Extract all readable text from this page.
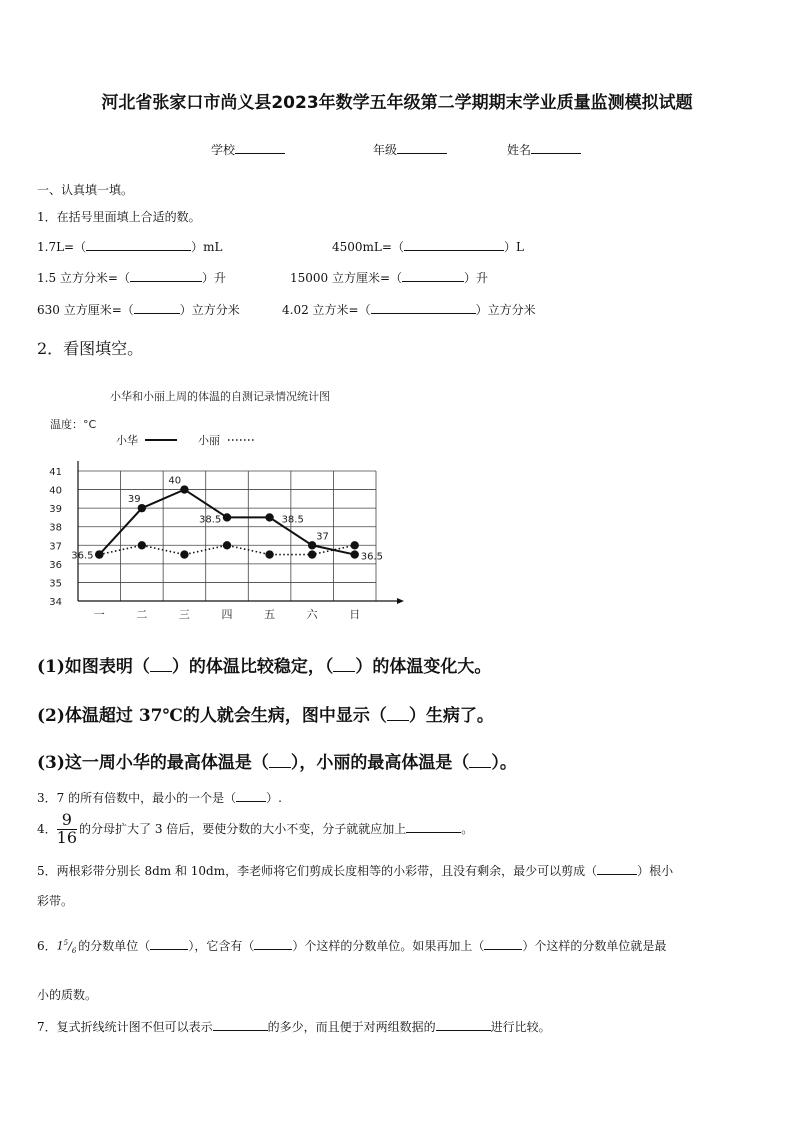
河北省张家口市尚义县2023年数学五年级第二学期期末学业质量监测模拟试题
学校	年级	姓名
一、认真填一填。
1．在括号里面填上合适的数。
1.7L=（	）mL	4500mL=（	）L
1.5 立方分米=（	）升	15000 立方厘米=（	）升
630 立方厘米=（	）立方分米	4.02 立方米=（	）立方分米
2．看图填空。
小华和小丽上周的体温的自测记录情况统计图
温度：°C
小华	小丽
34
35
36
37
38
39
40
41
一	二	三	四	五	六	日
36.5
39
40
38.5	38.5
37
36.5
(1)如图表明（ ）的体温比较稳定，（ ）的体温变化大。
(2)体温超过 37℃的人就会生病，图中显示（ ）生病了。
(3)这一周小华的最高体温是（ ），小丽的最高体温是（ ）。
3．7 的所有倍数中，最小的一个是（	）.
4． $\frac{9}{16}$ 的分母扩大了 3 倍后，要使分数的大小不变，分子就就应加上	。
5．两根彩带分别长 8dm 和 10dm，李老师将它们剪成长度相等的小彩带，且没有剩余，最少可以剪成（	）根小
彩带。
6．$1^5/_6$ 的分数单位（	），它含有（	）个这样的分数单位。如果再加上（	）个这样的分数单位就是最
小的质数。
7．复式折线统计图不但可以表示	的多少，而且便于对两组数据的	进行比较。
